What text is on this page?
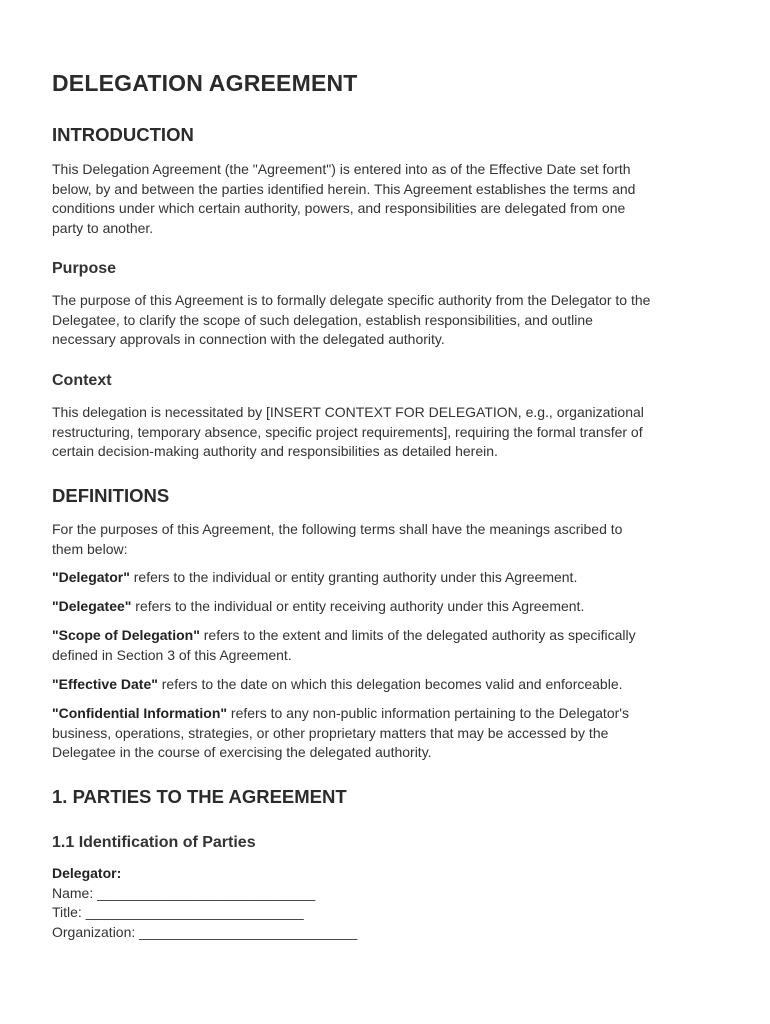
DELEGATION AGREEMENT
INTRODUCTION
This Delegation Agreement (the "Agreement") is entered into as of the Effective Date set forth
below, by and between the parties identified herein. This Agreement establishes the terms and
conditions under which certain authority, powers, and responsibilities are delegated from one
party to another.
Purpose
The purpose of this Agreement is to formally delegate specific authority from the Delegator to the
Delegatee, to clarify the scope of such delegation, establish responsibilities, and outline
necessary approvals in connection with the delegated authority.
Context
This delegation is necessitated by [INSERT CONTEXT FOR DELEGATION, e.g., organizational
restructuring, temporary absence, specific project requirements], requiring the formal transfer of
certain decision-making authority and responsibilities as detailed herein.
DEFINITIONS
For the purposes of this Agreement, the following terms shall have the meanings ascribed to
them below:
"Delegator" refers to the individual or entity granting authority under this Agreement.
"Delegatee" refers to the individual or entity receiving authority under this Agreement.
"Scope of Delegation" refers to the extent and limits of the delegated authority as specifically
defined in Section 3 of this Agreement.
"Effective Date" refers to the date on which this delegation becomes valid and enforceable.
"Confidential Information" refers to any non-public information pertaining to the Delegator's
business, operations, strategies, or other proprietary matters that may be accessed by the
Delegatee in the course of exercising the delegated authority.
1. PARTIES TO THE AGREEMENT
1.1 Identification of Parties
Delegator:
Name: ____________________________
Title: ____________________________
Organization: ____________________________
